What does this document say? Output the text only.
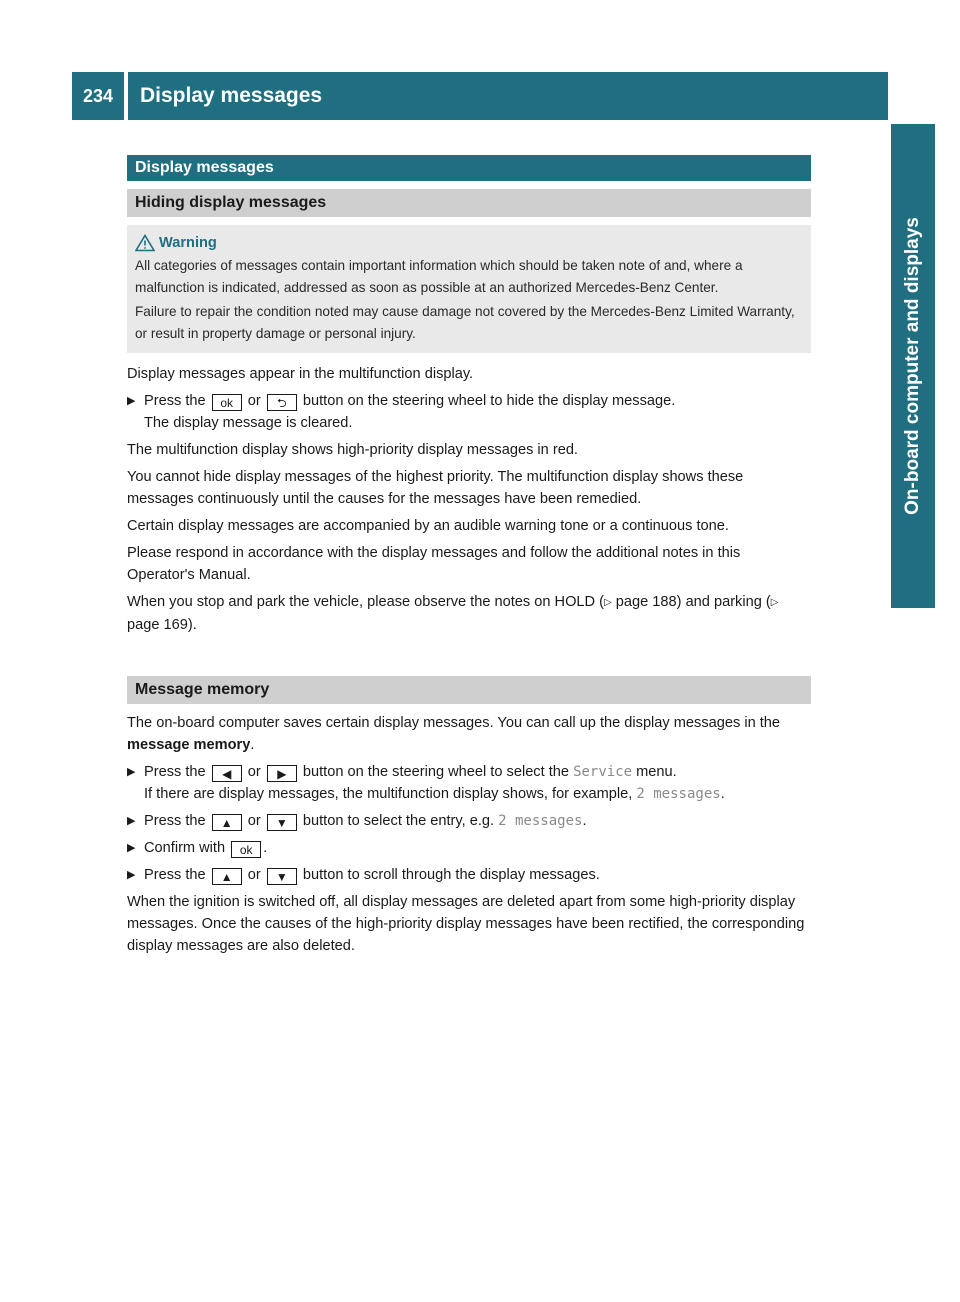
234	Display messages
On-board computer and displays
Display messages
Hiding display messages
Warning

All categories of messages contain important information which should be taken note of and, where a malfunction is indicated, addressed as soon as possible at an authorized Mercedes-Benz Center.

Failure to repair the condition noted may cause damage not covered by the Mercedes-Benz Limited Warranty, or result in property damage or personal injury.

Display messages appear in the multifunction display.

▶ Press the ok or ⮌ button on the steering wheel to hide the display message.
The display message is cleared.

The multifunction display shows high-priority display messages in red.

You cannot hide display messages of the highest priority. The multifunction display shows these messages continuously until the causes for the messages have been remedied.

Certain display messages are accompanied by an audible warning tone or a continuous tone.

Please respond in accordance with the display messages and follow the additional notes in this Operator's Manual.

When you stop and park the vehicle, please observe the notes on HOLD (▷ page 188) and parking (▷ page 169).

Message memory

The on-board computer saves certain display messages. You can call up the display messages in the message memory.

▶ Press the ◀ or ▶ button on the steering wheel to select the Service menu.
If there are display messages, the multifunction display shows, for example, 2 messages.
▶ Press the ▲ or ▼ button to select the entry, e.g. 2 messages.
▶ Confirm with ok .
▶ Press the ▲ or ▼ button to scroll through the display messages.

When the ignition is switched off, all display messages are deleted apart from some high-priority display messages. Once the causes of the high-priority display messages have been rectified, the corresponding display messages are also deleted.
